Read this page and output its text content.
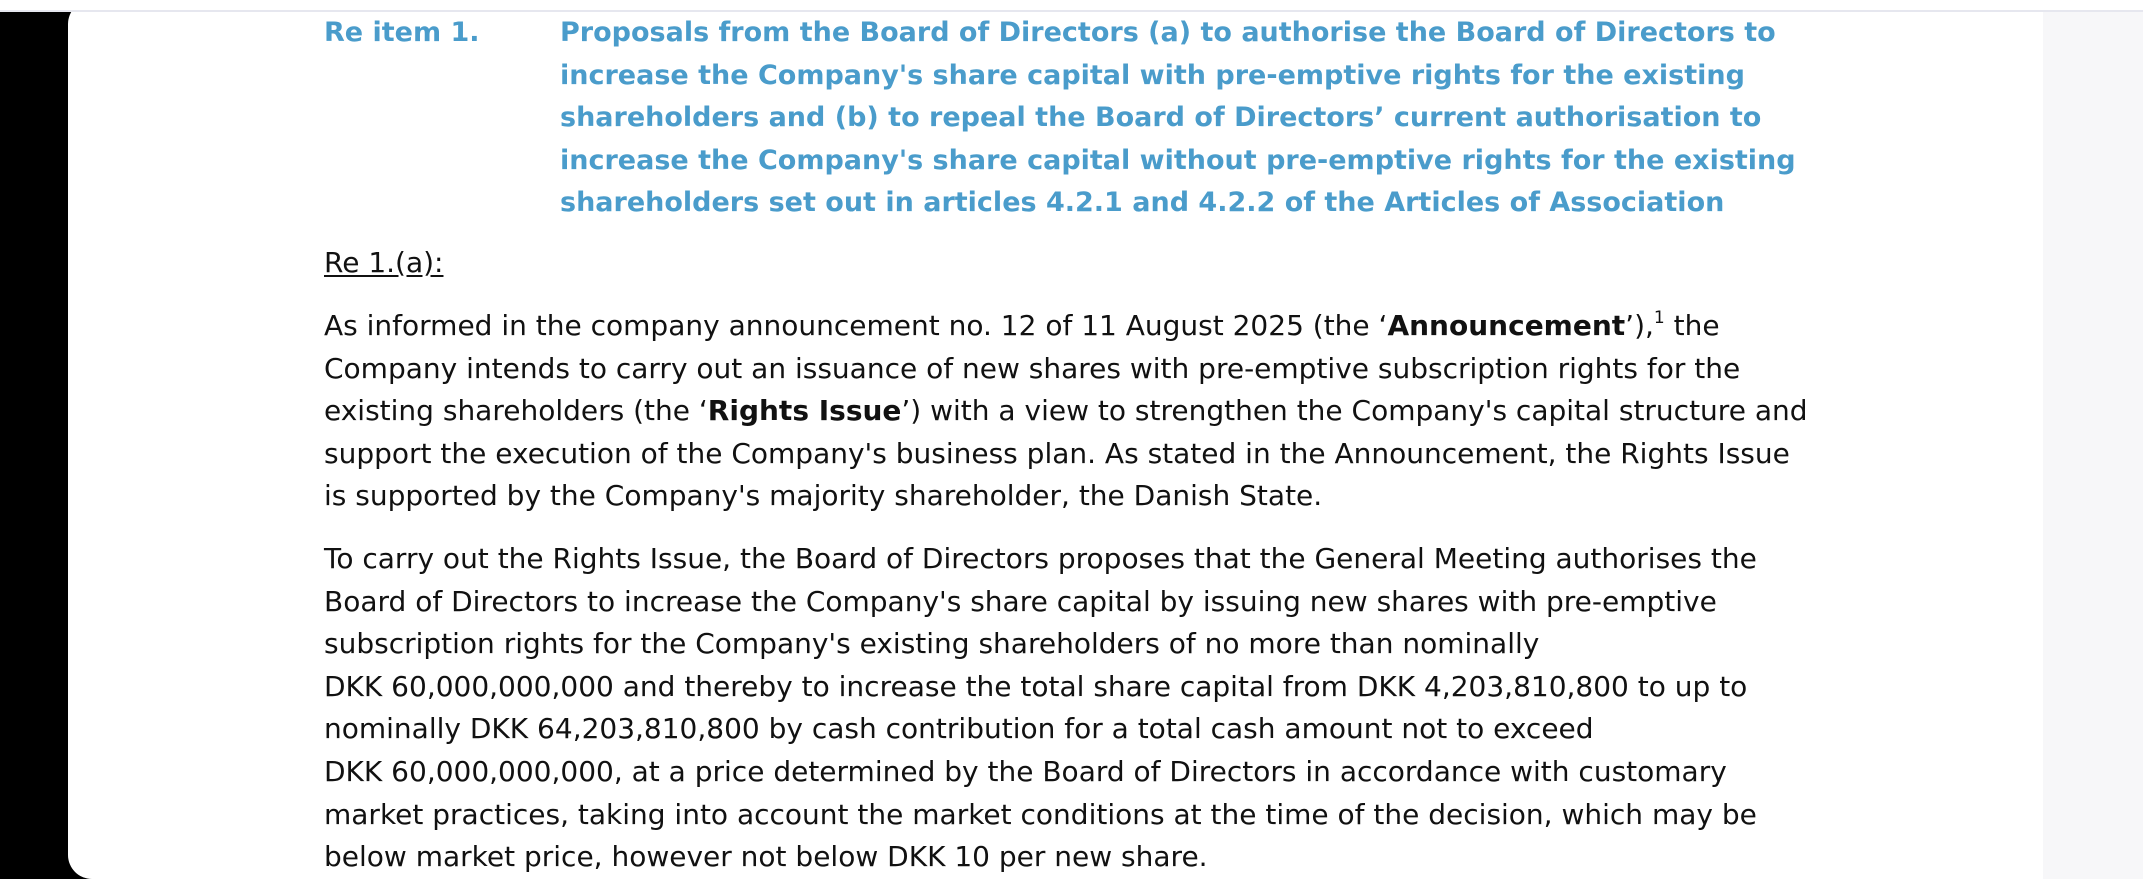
Re item 1.	Proposals from the Board of Directors (a) to authorise the Board of Directors to increase the Company's share capital with pre-emptive rights for the existing shareholders and (b) to repeal the Board of Directors’ current authorisation to increase the Company's share capital without pre-emptive rights for the existing shareholders set out in articles 4.2.1 and 4.2.2 of the Articles of Association
Re 1.(a):

As informed in the company announcement no. 12 of 11 August 2025 (the ‘Announcement’),$^1$ the Company intends to carry out an issuance of new shares with pre-emptive subscription rights for the existing shareholders (the ‘Rights Issue’) with a view to strengthen the Company's capital structure and support the execution of the Company's business plan. As stated in the Announcement, the Rights Issue is supported by the Company's majority shareholder, the Danish State.

To carry out the Rights Issue, the Board of Directors proposes that the General Meeting authorises the Board of Directors to increase the Company's share capital by issuing new shares with pre-emptive subscription rights for the Company's existing shareholders of no more than nominally DKK 60,000,000,000 and thereby to increase the total share capital from DKK 4,203,810,800 to up to nominally DKK 64,203,810,800 by cash contribution for a total cash amount not to exceed DKK 60,000,000,000, at a price determined by the Board of Directors in accordance with customary market practices, taking into account the market conditions at the time of the decision, which may be below market price, however not below DKK 10 per new share.
